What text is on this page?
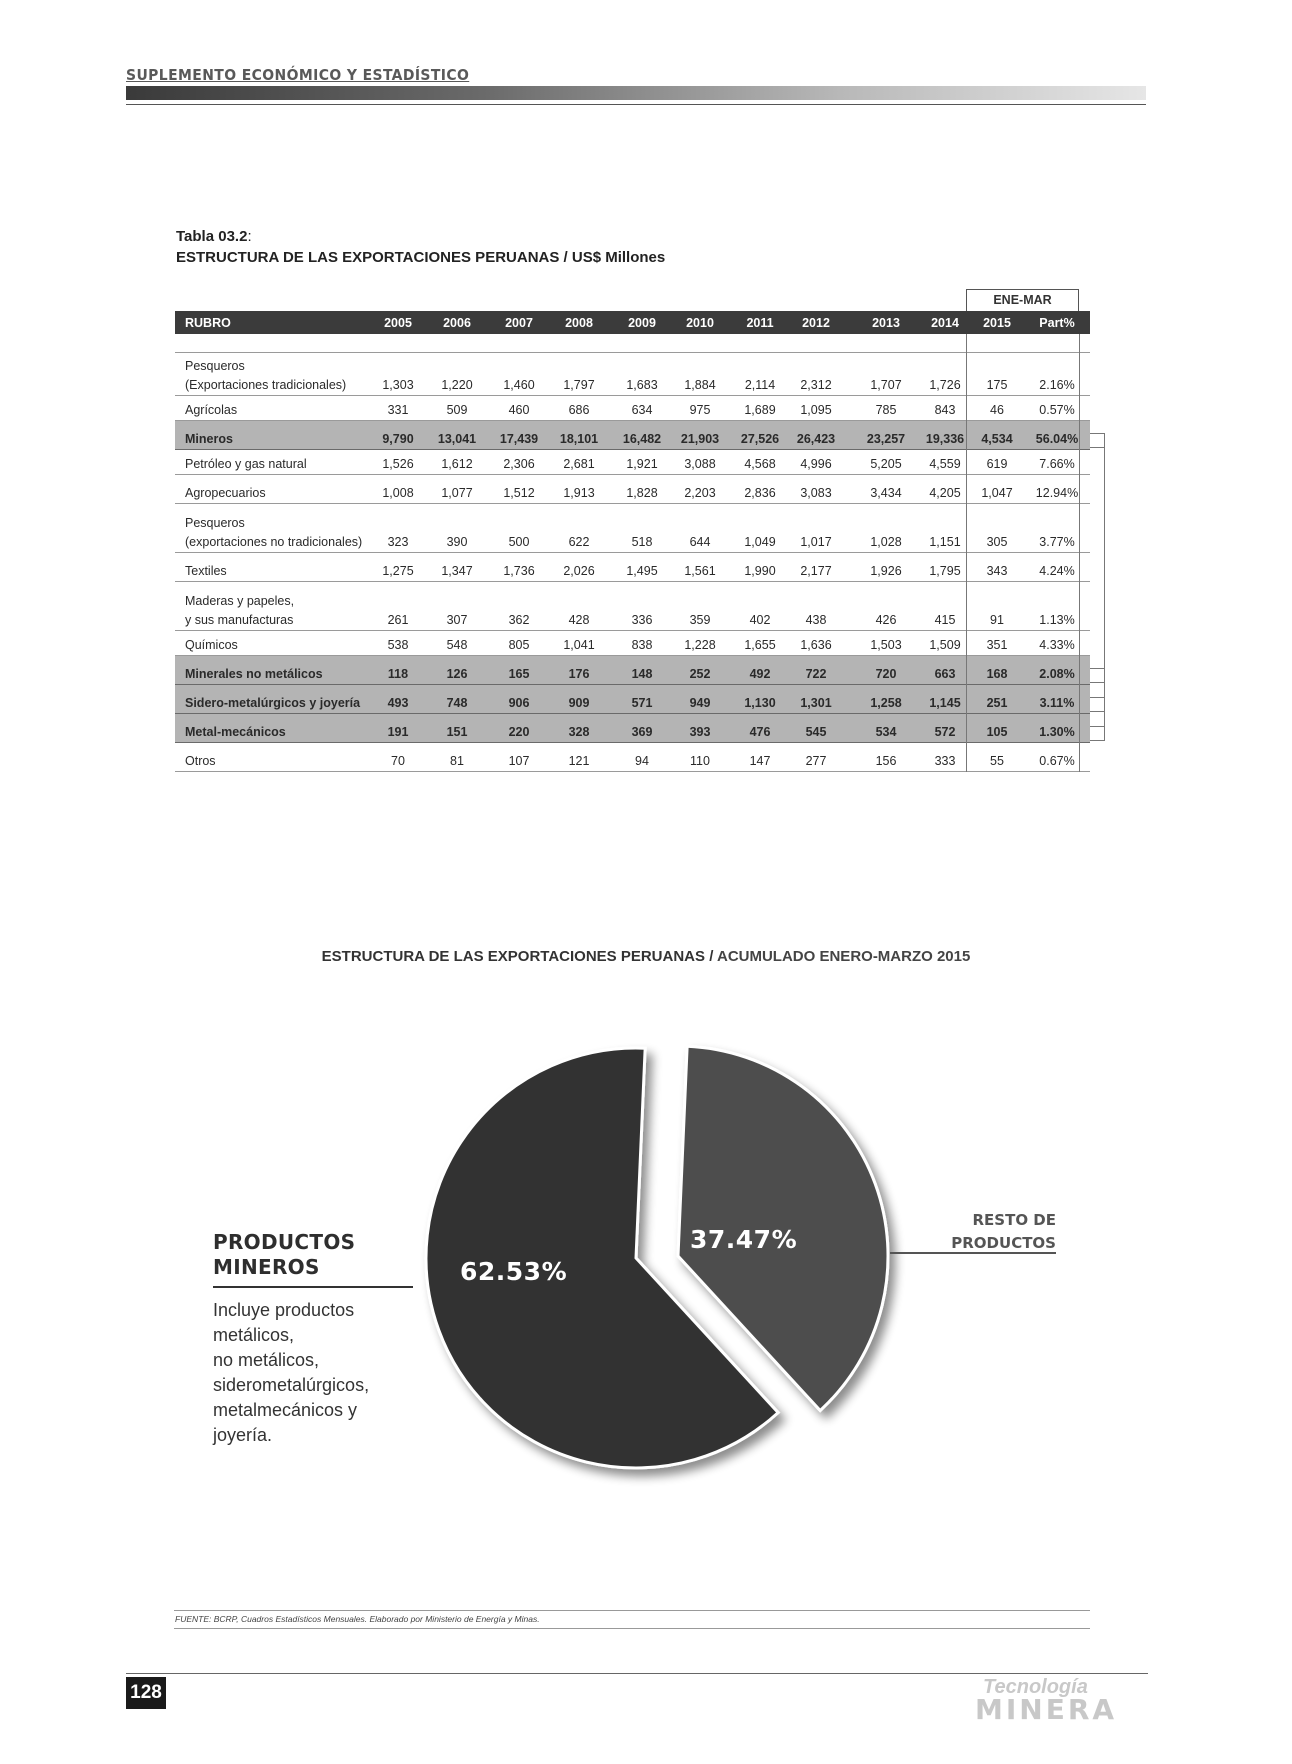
SUPLEMENTO ECONÓMICO Y ESTADÍSTICO
Tabla 03.2:
ESTRUCTURA DE LAS EXPORTACIONES PERUANAS / US$ Millones
ENE-MAR
RUBRO	2005	2006	2007	2008	2009	2010	2011	2012	2013	2014	2015	Part%
Pesqueros
(Exportaciones tradicionales)	1,303	1,220	1,460	1,797	1,683	1,884	2,114	2,312	1,707	1,726	175	2.16%
Agrícolas	331	509	460	686	634	975	1,689	1,095	785	843	46	0.57%
Mineros	9,790	13,041	17,439	18,101	16,482	21,903	27,526	26,423	23,257	19,336	4,534	56.04%
Petróleo y gas natural	1,526	1,612	2,306	2,681	1,921	3,088	4,568	4,996	5,205	4,559	619	7.66%
Agropecuarios	1,008	1,077	1,512	1,913	1,828	2,203	2,836	3,083	3,434	4,205	1,047	12.94%
Pesqueros
(exportaciones no tradicionales)	323	390	500	622	518	644	1,049	1,017	1,028	1,151	305	3.77%
Textiles	1,275	1,347	1,736	2,026	1,495	1,561	1,990	2,177	1,926	1,795	343	4.24%
Maderas y papeles,
y sus manufacturas	261	307	362	428	336	359	402	438	426	415	91	1.13%
Químicos	538	548	805	1,041	838	1,228	1,655	1,636	1,503	1,509	351	4.33%
Minerales no metálicos	118	126	165	176	148	252	492	722	720	663	168	2.08%
Sidero-metalúrgicos y joyería	493	748	906	909	571	949	1,130	1,301	1,258	1,145	251	3.11%
Metal-mecánicos	191	151	220	328	369	393	476	545	534	572	105	1.30%
Otros	70	81	107	121	94	110	147	277	156	333	55	0.67%
ESTRUCTURA DE LAS EXPORTACIONES PERUANAS / ACUMULADO ENERO-MARZO 2015
62.53%
37.47%
PRODUCTOS
MINEROS
Incluye productos
metálicos,
no metálicos,
siderometalúrgicos,
metalmecánicos y
joyería.
RESTO DE
PRODUCTOS
FUENTE: BCRP, Cuadros Estadísticos Mensuales. Elaborado por Ministerio de Energía y Minas.
128	Tecnología
MINERA
